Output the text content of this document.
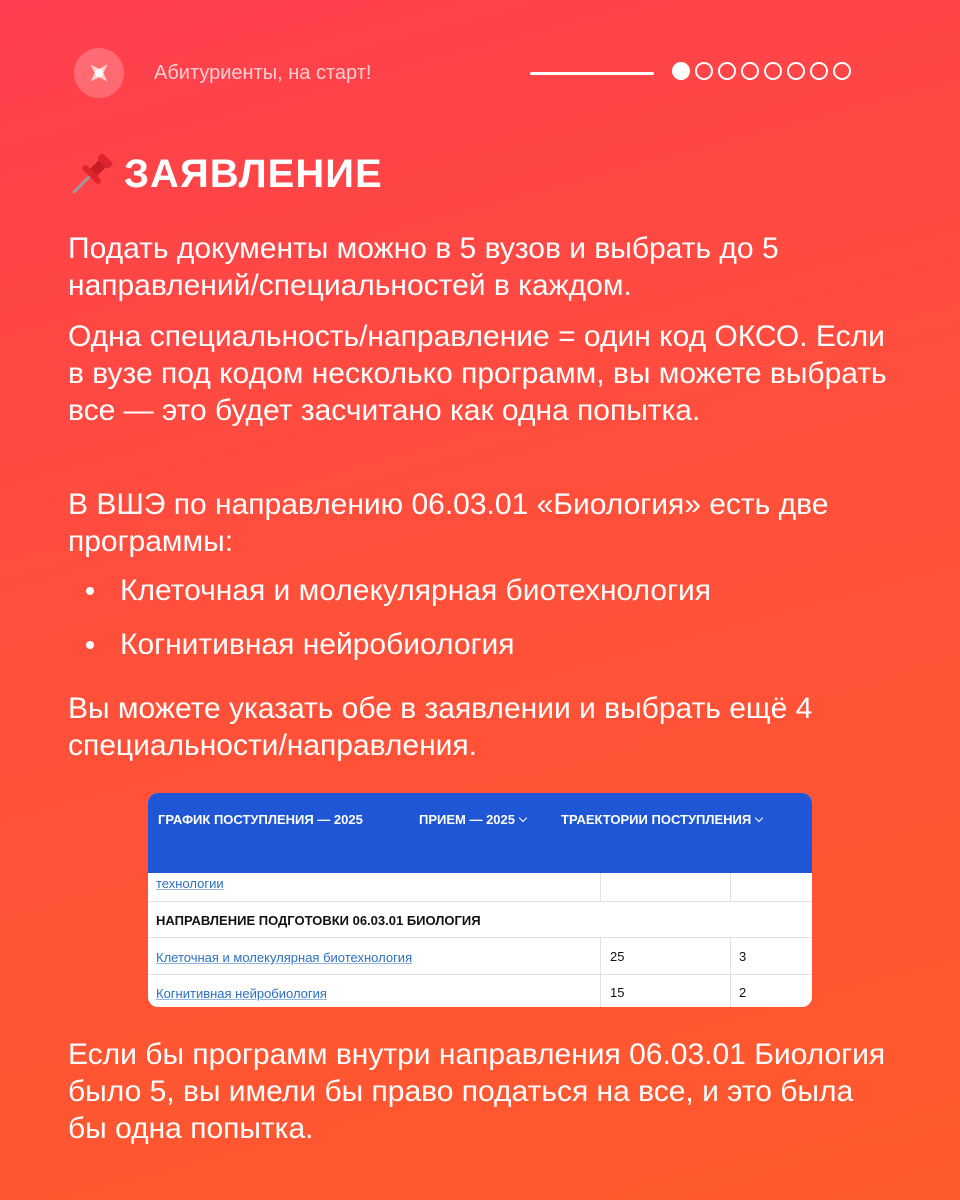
Абитуриенты, на старт!
ЗАЯВЛЕНИЕ

Подать документы можно в 5 вузов и выбрать до 5 направлений/специальностей в каждом.

Одна специальность/направление = один код ОКСО. Если в вузе под кодом несколько программ, вы можете выбрать все — это будет засчитано как одна попытка.

В ВШЭ по направлению 06.03.01 «Биология» есть две программы:

Клеточная и молекулярная биотехнология
Когнитивная нейробиология

Вы можете указать обе в заявлении и выбрать ещё 4 специальности/направления.

ГРАФИК ПОСТУПЛЕНИЯ — 2025	ПРИЕМ — 2025	ТРАЕКТОРИИ ПОСТУПЛЕНИЯ
технологии
НАПРАВЛЕНИЕ ПОДГОТОВКИ 06.03.01 БИОЛОГИЯ
Клеточная и молекулярная биотехнология	25	3
Когнитивная нейробиология	15	2

Если бы программ внутри направления 06.03.01 Биология было 5, вы имели бы право податься на все, и это была бы одна попытка.
